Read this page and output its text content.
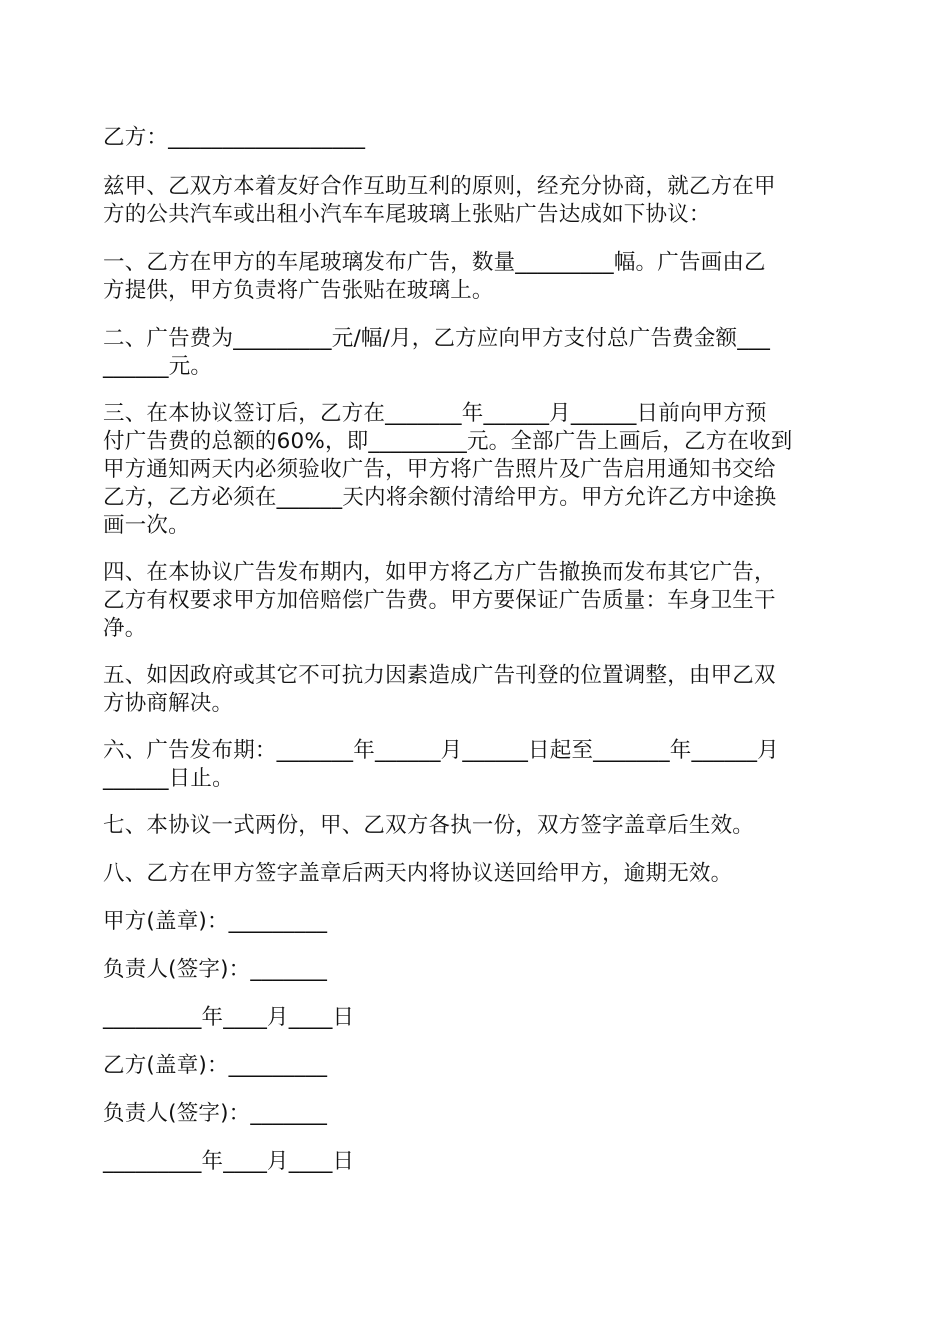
乙方：__________________
兹甲、乙双方本着友好合作互助互利的原则，经充分协商，就乙方在甲
方的公共汽车或出租小汽车车尾玻璃上张贴广告达成如下协议：
一、乙方在甲方的车尾玻璃发布广告，数量_________幅。广告画由乙
方提供，甲方负责将广告张贴在玻璃上。
二、广告费为_________元/幅/月，乙方应向甲方支付总广告费金额___
______元。
三、在本协议签订后，乙方在_______年______月______日前向甲方预
付广告费的总额的60%，即_________元。全部广告上画后，乙方在收到
甲方通知两天内必须验收广告，甲方将广告照片及广告启用通知书交给
乙方，乙方必须在______天内将余额付清给甲方。甲方允许乙方中途换
画一次。
四、在本协议广告发布期内，如甲方将乙方广告撤换而发布其它广告，
乙方有权要求甲方加倍赔偿广告费。甲方要保证广告质量：车身卫生干
净。
五、如因政府或其它不可抗力因素造成广告刊登的位置调整，由甲乙双
方协商解决。
六、广告发布期：_______年______月______日起至_______年______月
______日止。
七、本协议一式两份，甲、乙双方各执一份，双方签字盖章后生效。
八、乙方在甲方签字盖章后两天内将协议送回给甲方，逾期无效。
甲方(盖章)：_________
负责人(签字)：_______
_________年____月____日
乙方(盖章)：_________
负责人(签字)：_______
_________年____月____日
